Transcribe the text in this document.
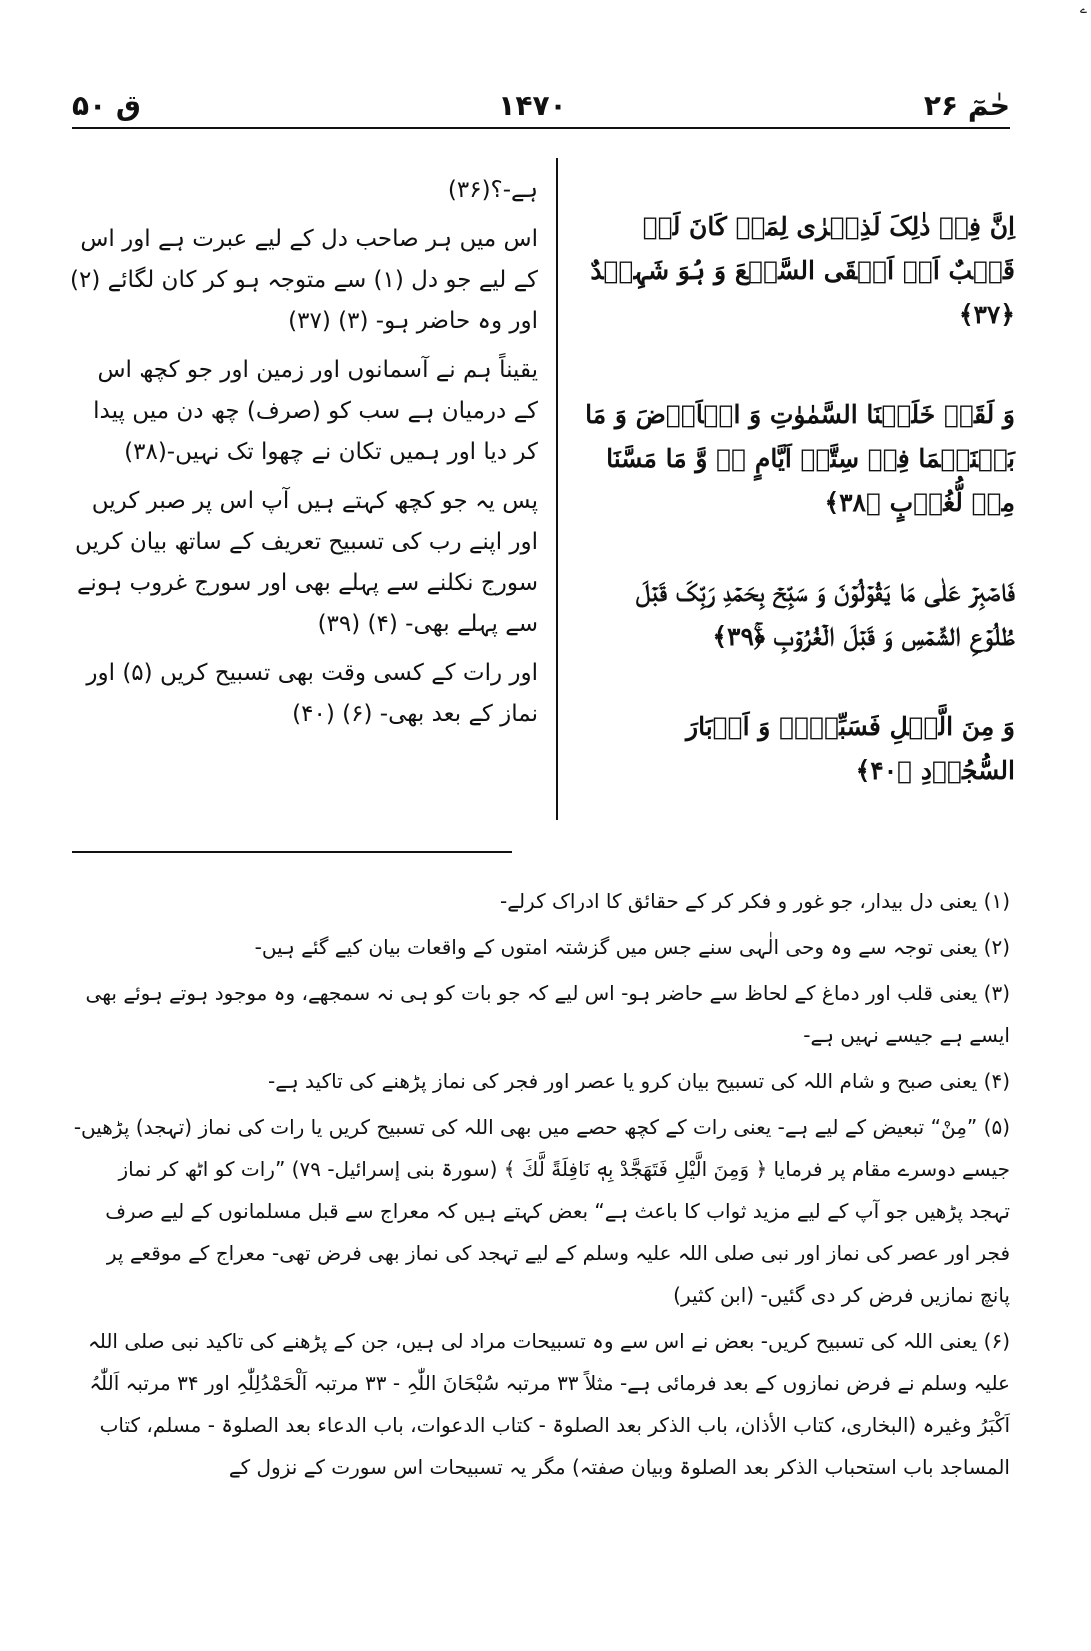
ے
ق ۵۰	۱۴۷۰	حٰمٓ ۲۶

اِنَّ فِیۡ ذٰلِکَ لَذِکۡرٰی لِمَنۡ کَانَ لَہٗ قَلۡبٌ اَوۡ اَلۡقَی السَّمۡعَ وَ ہُوَ شَہِیۡدٌ ﴿۳۷﴾

وَ لَقَدۡ خَلَقۡنَا السَّمٰوٰتِ وَ الۡاَرۡضَ وَ مَا بَیۡنَہُمَا فِیۡ سِتَّۃِ اَیَّامٍ ٭ۖ وَّ مَا مَسَّنَا مِنۡ لُّغُوۡبٍ ﴿۳۸﴾

فَاصۡبِرۡ عَلٰی مَا یَقُوۡلُوۡنَ وَ سَبِّحۡ بِحَمۡدِ رَبِّکَ قَبۡلَ طُلُوۡعِ الشَّمۡسِ وَ قَبۡلَ الۡغُرُوۡبِ ﴿ۚ۳۹﴾

وَ مِنَ الَّیۡلِ فَسَبِّحۡہُ وَ اَدۡبَارَ السُّجُوۡدِ ﴿۴۰﴾

ہے-؟(۳۶)

اس میں ہر صاحب دل کے لیے عبرت ہے اور اس کے لیے جو دل (۱) سے متوجہ ہو کر کان لگائے (۲) اور وہ حاضر ہو- (۳) (۳۷)

یقیناً ہم نے آسمانوں اور زمین اور جو کچھ اس کے درمیان ہے سب کو (صرف) چھ دن میں پیدا کر دیا اور ہمیں تکان نے چھوا تک نہیں-(۳۸)

پس یہ جو کچھ کہتے ہیں آپ اس پر صبر کریں اور اپنے رب کی تسبیح تعریف کے ساتھ بیان کریں سورج نکلنے سے پہلے بھی اور سورج غروب ہونے سے پہلے بھی- (۴) (۳۹)

اور رات کے کسی وقت بھی تسبیح کریں (۵) اور نماز کے بعد بھی- (۶) (۴۰)

(۱) یعنی دل بیدار، جو غور و فکر کر کے حقائق کا ادراک کرلے-

(۲) یعنی توجہ سے وہ وحی الٰہی سنے جس میں گزشتہ امتوں کے واقعات بیان کیے گئے ہیں-

(۳) یعنی قلب اور دماغ کے لحاظ سے حاضر ہو- اس لیے کہ جو بات کو ہی نہ سمجھے، وہ موجود ہوتے ہوئے بھی ایسے ہے جیسے نہیں ہے-

(۴) یعنی صبح و شام اللہ کی تسبیح بیان کرو یا عصر اور فجر کی نماز پڑھنے کی تاکید ہے-

(۵) ”مِنْ“ تبعیض کے لیے ہے- یعنی رات کے کچھ حصے میں بھی اللہ کی تسبیح کریں یا رات کی نماز (تہجد) پڑھیں- جیسے دوسرے مقام پر فرمایا ﴿ وَمِنَ الَّيْلِ فَتَهَجَّدْ بِهٖ نَافِلَةً لَّكَ ﴾ (سورۃ بنی إسرائیل- ۷۹) ”رات کو اٹھ کر نماز تہجد پڑھیں جو آپ کے لیے مزید ثواب کا باعث ہے“ بعض کہتے ہیں کہ معراج سے قبل مسلمانوں کے لیے صرف فجر اور عصر کی نماز اور نبی صلی اللہ علیہ وسلم کے لیے تہجد کی نماز بھی فرض تھی- معراج کے موقعے پر پانچ نمازیں فرض کر دی گئیں- (ابن کثیر)

(۶) یعنی اللہ کی تسبیح کریں- بعض نے اس سے وہ تسبیحات مراد لی ہیں، جن کے پڑھنے کی تاکید نبی صلی اللہ علیہ وسلم نے فرض نمازوں کے بعد فرمائی ہے- مثلاً ۳۳ مرتبہ سُبْحَانَ اللّٰہِ - ۳۳ مرتبہ اَلْحَمْدُلِلّٰہِ اور ۳۴ مرتبہ اَللّٰہُ اَکْبَرُ وغیرہ (البخاری، کتاب الأذان، باب الذکر بعد الصلوۃ - کتاب الدعوات، باب الدعاء بعد الصلوۃ - مسلم، کتاب المساجد باب استحباب الذکر بعد الصلوۃ وبیان صفتہ) مگر یہ تسبیحات اس سورت کے نزول کے
